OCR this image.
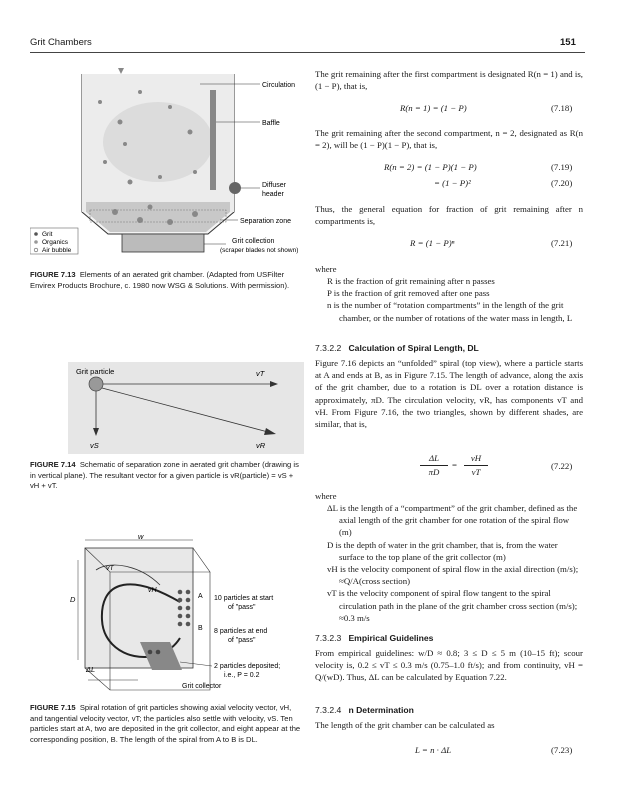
Grit Chambers	151
Circulation
Baffle
Diffuser
header
Separation zone
Grit collection
(scraper blades not shown)
Grit
Organics
Air bubble
FIGURE 7.13 Elements of an aerated grit chamber. (Adapted from USFilter Envirex Products Brochure, c. 1980 now WSG & Solutions. With permission).
Grit particle	vT
vS	vR
FIGURE 7.14 Schematic of separation zone in aerated grit chamber (drawing is in vertical plane). The resultant vector for a given particle is vR(particle) = vS + vH + vT.
w
D
vT
vH
A
B
ΔL
10 particles at start
of "pass"
8 particles at end
of "pass"
2 particles deposited;
i.e., P = 0.2
Grit collector
FIGURE 7.15 Spiral rotation of grit particles showing axial velocity vector, vH, and tangential velocity vector, vT; the particles also settle with velocity, vS. Ten particles start at A, two are deposited in the grit collector, and eight appear at the corresponding position, B. The length of the spiral from A to B is DL.
The grit remaining after the first compartment is designated R(n = 1) and is, (1 − P), that is,
R(n = 1) = (1 − P)	(7.18)
The grit remaining after the second compartment, n = 2, designated as R(n = 2), will be (1 − P)(1 − P), that is,
R(n = 2) = (1 − P)(1 − P)	(7.19)
= (1 − P)²	(7.20)
Thus, the general equation for fraction of grit remaining after n compartments is,
R = (1 − P)ⁿ	(7.21)
where
R is the fraction of grit remaining after n passes
P is the fraction of grit removed after one pass
n is the number of “rotation compartments” in the length of the grit chamber, or the number of rotations of the water mass in length, L
7.3.2.2 Calculation of Spiral Length, DL
Figure 7.16 depicts an “unfolded” spiral (top view), where a particle starts at A and ends at B, as in Figure 7.15. The length of advance, along the axis of the grit chamber, due to a rotation is DL over a rotation distance is approximately, πD. The circulation velocity, vR, has components vT and vH. From Figure 7.16, the two triangles, shown by different shades, are similar, that is,
ΔL
πD
=
vH
vT
(7.22)
where
ΔL is the length of a “compartment” of the grit chamber, defined as the axial length of the grit chamber for one rotation of the spiral flow (m)
D is the depth of water in the grit chamber, that is, from the water surface to the top plane of the grit collector (m)
vH is the velocity component of spiral flow in the axial direction (m/s); ≈Q/A(cross section)
vT is the velocity component of spiral flow tangent to the spiral circulation path in the plane of the grit chamber cross section (m/s); ≈0.3 m/s
7.3.2.3 Empirical Guidelines
From empirical guidelines: w/D ≈ 0.8; 3 ≤ D ≤ 5 m (10–15 ft); scour velocity is, 0.2 ≤ vT ≤ 0.3 m/s (0.75–1.0 ft/s); and from continuity, vH = Q/(wD). Thus, ΔL can be calculated by Equation 7.22.
7.3.2.4 n Determination
The length of the grit chamber can be calculated as
L = n · ΔL	(7.23)
